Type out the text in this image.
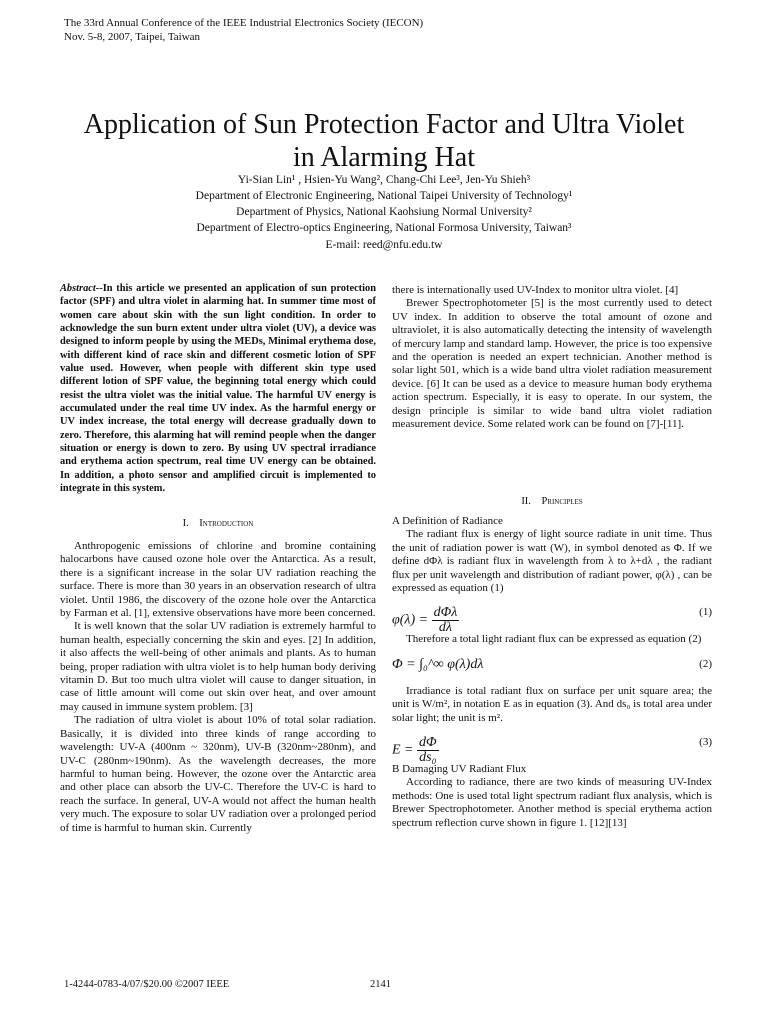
The 33rd Annual Conference of the IEEE Industrial Electronics Society (IECON)
Nov. 5-8, 2007, Taipei, Taiwan
Application of Sun Protection Factor and Ultra Violet
in Alarming Hat
Yi-Sian Lin¹ , Hsien-Yu Wang², Chang-Chi Lee³, Jen-Yu Shieh³
Department of Electronic Engineering, National Taipei University of Technology¹
Department of Physics, National Kaohsiung Normal University²
Department of Electro-optics Engineering, National Formosa University, Taiwan³
E-mail: reed@nfu.edu.tw

Abstract--In this article we presented an application of sun protection factor (SPF) and ultra violet in alarming hat. In summer time most of women care about skin with the sun light condition. In order to acknowledge the sun burn extent under ultra violet (UV), a device was designed to inform people by using the MEDs, Minimal erythema dose, with different kind of race skin and different cosmetic lotion of SPF value used. However, when people with different skin type used different lotion of SPF value, the beginning total energy which could resist the ultra violet was the initial value. The harmful UV energy is accumulated under the real time UV index. As the harmful energy or UV index increase, the total energy will decrease gradually down to zero. Therefore, this alarming hat will remind people when the danger situation or energy is down to zero. By using UV spectral irradiance and erythema action spectrum, real time UV energy can be obtained. In addition, a photo sensor and amplified circuit is implemented to integrate in this system.

I. Introduction

Anthropogenic emissions of chlorine and bromine containing halocarbons have caused ozone hole over the Antarctica. As a result, there is a significant increase in the solar UV radiation reaching the surface. There is more than 30 years in an observation research of ultra violet. Until 1986, the discovery of the ozone hole over the Antarctica by Farman et al. [1], extensive observations have more been concerned.

It is well known that the solar UV radiation is extremely harmful to human health, especially concerning the skin and eyes. [2] In addition, it also affects the well-being of other animals and plants. As to human being, proper radiation with ultra violet is to help human body deriving vitamin D. But too much ultra violet will cause to danger situation, in case of little amount will come out skin over heat, and over amount may caused in immune system problem. [3]

The radiation of ultra violet is about 10% of total solar radiation. Basically, it is divided into three kinds of range according to wavelength: UV-A (400nm ~ 320nm), UV-B (320nm~280nm), and UV-C (280nm~190nm). As the wavelength decreases, the more harmful to human being. However, the ozone over the Antarctic area and other place can absorb the UV-C. Therefore the UV-C is hard to reach the surface. In general, UV-A would not affect the human health very much. The exposure to solar UV radiation over a prolonged period of time is harmful to human skin. Currently

there is internationally used UV-Index to monitor ultra violet. [4]

Brewer Spectrophotometer [5] is the most currently used to detect UV index. In addition to observe the total amount of ozone and ultraviolet, it is also automatically detecting the intensity of wavelength of mercury lamp and standard lamp. However, the price is too expensive and the operation is needed an expert technician. Another method is solar light 501, which is a wide band ultra violet radiation measurement device. [6] It can be used as a device to measure human body erythema action spectrum. Especially, it is easy to operate. In our system, the design principle is similar to wide band ultra violet radiation measurement device. Some related work can be found on [7]-[11].

II. Principles

A Definition of Radiance

The radiant flux is energy of light source radiate in unit time. Thus the unit of radiation power is watt (W), in symbol denoted as Φ. If we define dΦλ is radiant flux in wavelength from λ to λ+dλ , the radiant flux per unit wavelength and distribution of radiant power, φ(λ) , can be expressed as equation (1)

$\varphi(\lambda) = \frac{\text{dΦλ}}{d\lambda}$	(1)

Therefore a total light radiant flux can be expressed as equation (2)

Φ = ∫₀^∞ φ(λ)dλ	(2)

Irradiance is total radiant flux on surface per unit square area; the unit is W/m², in notation E as in equation (3). And ds₀ is total area under solar light; the unit is m².

$E = \frac{d\Phi}{\text{ds₀}}$	(3)

B Damaging UV Radiant Flux

According to radiance, there are two kinds of measuring UV-Index methods: One is used total light spectrum radiant flux analysis, which is Brewer Spectrophotometer. Another method is special erythema action spectrum reflection curve shown in figure 1. [12][13]

1-4244-0783-4/07/$20.00 ©2007 IEEE	2141
